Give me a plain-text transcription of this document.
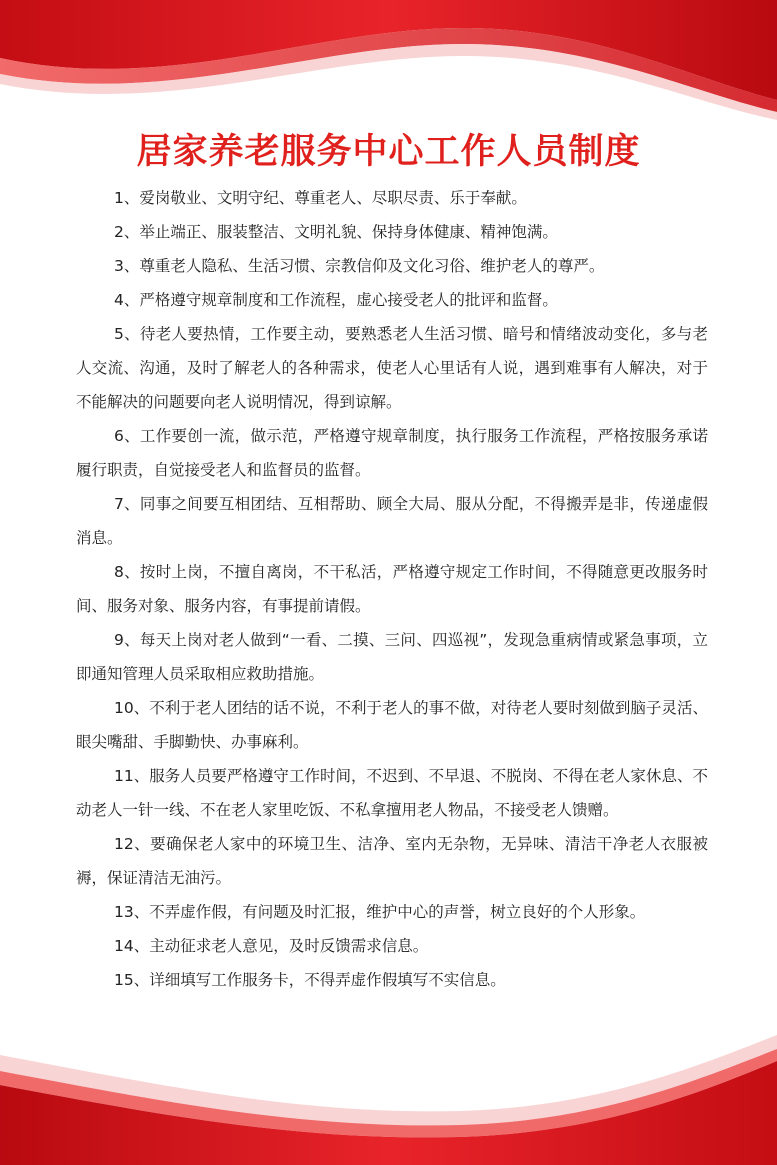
居家养老服务中心工作人员制度
1、爱岗敬业、文明守纪、尊重老人、尽职尽责、乐于奉献。
2、举止端正、服装整洁、文明礼貌、保持身体健康、精神饱满。
3、尊重老人隐私、生活习惯、宗教信仰及文化习俗、维护老人的尊严。
4、严格遵守规章制度和工作流程，虚心接受老人的批评和监督。
5、待老人要热情，工作要主动，要熟悉老人生活习惯、暗号和情绪波动变化，多与老人交流、沟通，及时了解老人的各种需求，使老人心里话有人说，遇到难事有人解决，对于不能解决的问题要向老人说明情况，得到谅解。
6、工作要创一流，做示范，严格遵守规章制度，执行服务工作流程，严格按服务承诺履行职责，自觉接受老人和监督员的监督。
7、同事之间要互相团结、互相帮助、顾全大局、服从分配，不得搬弄是非，传递虚假消息。
8、按时上岗，不擅自离岗，不干私活，严格遵守规定工作时间，不得随意更改服务时间、服务对象、服务内容，有事提前请假。
9、每天上岗对老人做到“一看、二摸、三问、四巡视”，发现急重病情或紧急事项，立即通知管理人员采取相应救助措施。
10、不利于老人团结的话不说，不利于老人的事不做，对待老人要时刻做到脑子灵活、眼尖嘴甜、手脚勤快、办事麻利。
11、服务人员要严格遵守工作时间，不迟到、不早退、不脱岗、不得在老人家休息、不动老人一针一线、不在老人家里吃饭、不私拿擅用老人物品，不接受老人馈赠。
12、要确保老人家中的环境卫生、洁净、室内无杂物，无异味、清洁干净老人衣服被褥，保证清洁无油污。
13、不弄虚作假，有问题及时汇报，维护中心的声誉，树立良好的个人形象。
14、主动征求老人意见，及时反馈需求信息。
15、详细填写工作服务卡，不得弄虚作假填写不实信息。
